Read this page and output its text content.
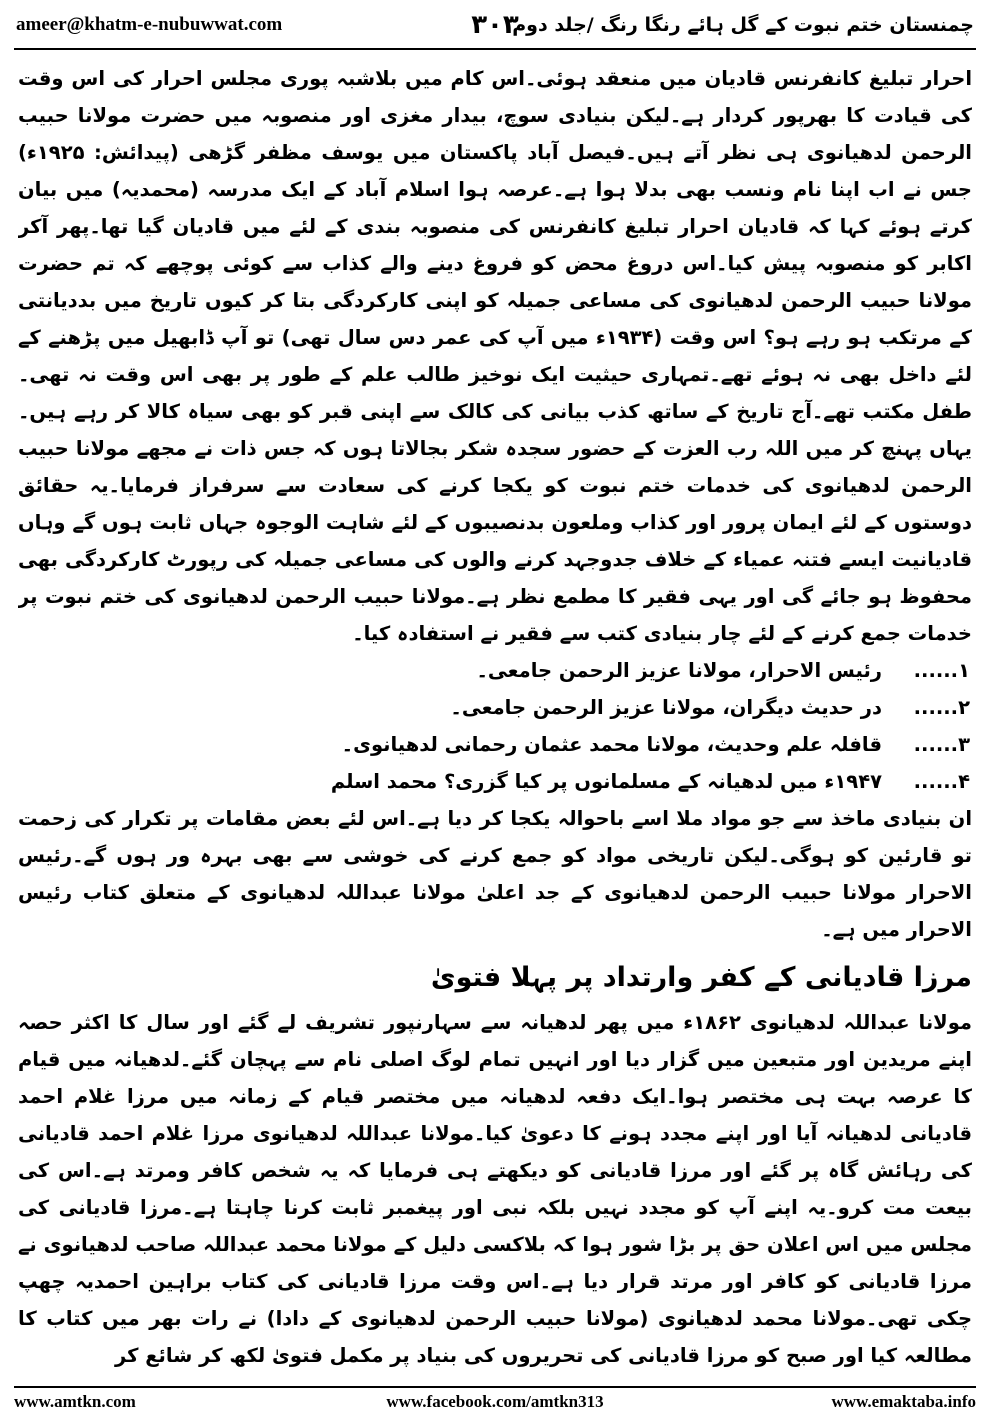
ameer@khatm-e-nubuwwat.com	۳۰۳
چمنستان ختم نبوت کے گل ہائے رنگا رنگ /جلد دوم

احرار تبلیغ کانفرنس قادیان میں منعقد ہوئی۔اس کام میں بلاشبہ پوری مجلس احرار کی اس وقت کی قیادت کا بھرپور کردار ہے۔لیکن بنیادی سوچ، بیدار مغزی اور منصوبہ میں حضرت مولانا حبیب الرحمن لدھیانوی ہی نظر آتے ہیں۔فیصل آباد پاکستان میں یوسف مظفر گڑھی (پیدائش: ۱۹۲۵ء) جس نے اب اپنا نام ونسب بھی بدلا ہوا ہے۔عرصہ ہوا اسلام آباد کے ایک مدرسہ (محمدیہ) میں بیان کرتے ہوئے کہا کہ قادیان احرار تبلیغ کانفرنس کی منصوبہ بندی کے لئے میں قادیان گیا تھا۔پھر آکر اکابر کو منصوبہ پیش کیا۔اس دروغ محض کو فروغ دینے والے کذاب سے کوئی پوچھے کہ تم حضرت مولانا حبیب الرحمن لدھیانوی کی مساعی جمیلہ کو اپنی کارکردگی بتا کر کیوں تاریخ میں بددیانتی کے مرتکب ہو رہے ہو؟ اس وقت (۱۹۳۴ء میں آپ کی عمر دس سال تھی) تو آپ ڈابھیل میں پڑھنے کے لئے داخل بھی نہ ہوئے تھے۔تمہاری حیثیت ایک نوخیز طالب علم کے طور پر بھی اس وقت نہ تھی۔طفل مکتب تھے۔آج تاریخ کے ساتھ کذب بیانی کی کالک سے اپنی قبر کو بھی سیاہ کالا کر رہے ہیں۔یہاں پہنچ کر میں اللہ رب العزت کے حضور سجدہ شکر بجالاتا ہوں کہ جس ذات نے مجھے مولانا حبیب الرحمن لدھیانوی کی خدمات ختم نبوت کو یکجا کرنے کی سعادت سے سرفراز فرمایا۔یہ حقائق دوستوں کے لئے ایمان پرور اور کذاب وملعون بدنصیبوں کے لئے شاہت الوجوہ جہاں ثابت ہوں گے وہاں قادیانیت ایسے فتنہ عمیاء کے خلاف جدوجہد کرنے والوں کی مساعی جمیلہ کی رپورٹ کارکردگی بھی محفوظ ہو جائے گی اور یہی فقیر کا مطمع نظر ہے۔مولانا حبیب الرحمن لدھیانوی کی ختم نبوت پر خدمات جمع کرنے کے لئے چار بنیادی کتب سے فقیر نے استفادہ کیا۔

۱......
رئیس الاحرار، مولانا عزیز الرحمن جامعی۔

۲......
در حدیث دیگران، مولانا عزیز الرحمن جامعی۔

۳......
قافلہ علم وحدیث، مولانا محمد عثمان رحمانی لدھیانوی۔

۴......
۱۹۴۷ء میں لدھیانہ کے مسلمانوں پر کیا گزری؟ محمد اسلم

ان بنیادی ماخذ سے جو مواد ملا اسے باحوالہ یکجا کر دیا ہے۔اس لئے بعض مقامات پر تکرار کی زحمت تو قارئین کو ہوگی۔لیکن تاریخی مواد کو جمع کرنے کی خوشی سے بھی بہرہ ور ہوں گے۔رئیس الاحرار مولانا حبیب الرحمن لدھیانوی کے جد اعلیٰ مولانا عبداللہ لدھیانوی کے متعلق کتاب رئیس الاحرار میں ہے۔

مرزا قادیانی کے کفر وارتداد پر پہلا فتویٰ

مولانا عبداللہ لدھیانوی ۱۸۶۲ء میں پھر لدھیانہ سے سہارنپور تشریف لے گئے اور سال کا اکثر حصہ اپنے مریدین اور متبعین میں گزار دیا اور انہیں تمام لوگ اصلی نام سے پہچان گئے۔لدھیانہ میں قیام کا عرصہ بہت ہی مختصر ہوا۔ایک دفعہ لدھیانہ میں مختصر قیام کے زمانہ میں مرزا غلام احمد قادیانی لدھیانہ آیا اور اپنے مجدد ہونے کا دعویٰ کیا۔مولانا عبداللہ لدھیانوی مرزا غلام احمد قادیانی کی رہائش گاہ پر گئے اور مرزا قادیانی کو دیکھتے ہی فرمایا کہ یہ شخص کافر ومرتد ہے۔اس کی بیعت مت کرو۔یہ اپنے آپ کو مجدد نہیں بلکہ نبی اور پیغمبر ثابت کرنا چاہتا ہے۔مرزا قادیانی کی مجلس میں اس اعلان حق پر بڑا شور ہوا کہ بلاکسی دلیل کے مولانا محمد عبداللہ صاحب لدھیانوی نے مرزا قادیانی کو کافر اور مرتد قرار دیا ہے۔اس وقت مرزا قادیانی کی کتاب براہین احمدیہ چھپ چکی تھی۔مولانا محمد لدھیانوی (مولانا حبیب الرحمن لدھیانوی کے دادا) نے رات بھر میں کتاب کا مطالعہ کیا اور صبح کو مرزا قادیانی کی تحریروں کی بنیاد پر مکمل فتویٰ لکھ کر شائع کر

www.amtkn.com	www.facebook.com/amtkn313	www.emaktaba.info
